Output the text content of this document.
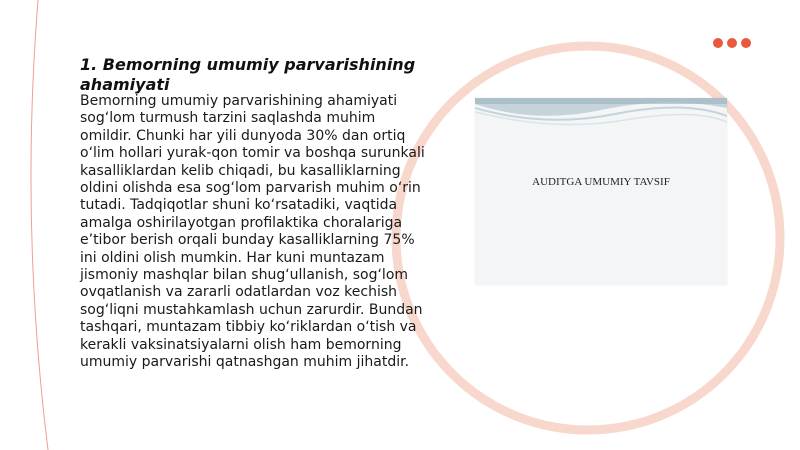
1. Bemorning umumiy parvarishining ahamiyati

Bemorning umumiy parvarishining ahamiyati sog‘lom turmush tarzini saqlashda muhim omildir. Chunki har yili dunyoda 30% dan ortiq o‘lim hollari yurak-qon tomir va boshqa surunkali kasalliklardan kelib chiqadi, bu kasalliklarning oldini olishda esa sog‘lom parvarish muhim o‘rin tutadi. Tadqiqotlar shuni ko‘rsatadiki, vaqtida amalga oshirilayotgan profilaktika choralariga e’tibor berish orqali bunday kasalliklarning 75% ini oldini olish mumkin. Har kuni muntazam jismoniy mashqlar bilan shug‘ullanish, sog‘lom ovqatlanish va zararli odatlardan voz kechish sog‘liqni mustahkamlash uchun zarurdir. Bundan tashqari, muntazam tibbiy ko‘riklardan o‘tish va kerakli vaksinatsiyalarni olish ham bemorning umumiy parvarishi qatnashgan muhim jihatdir.

AUDITGA UMUMIY TAVSIF
